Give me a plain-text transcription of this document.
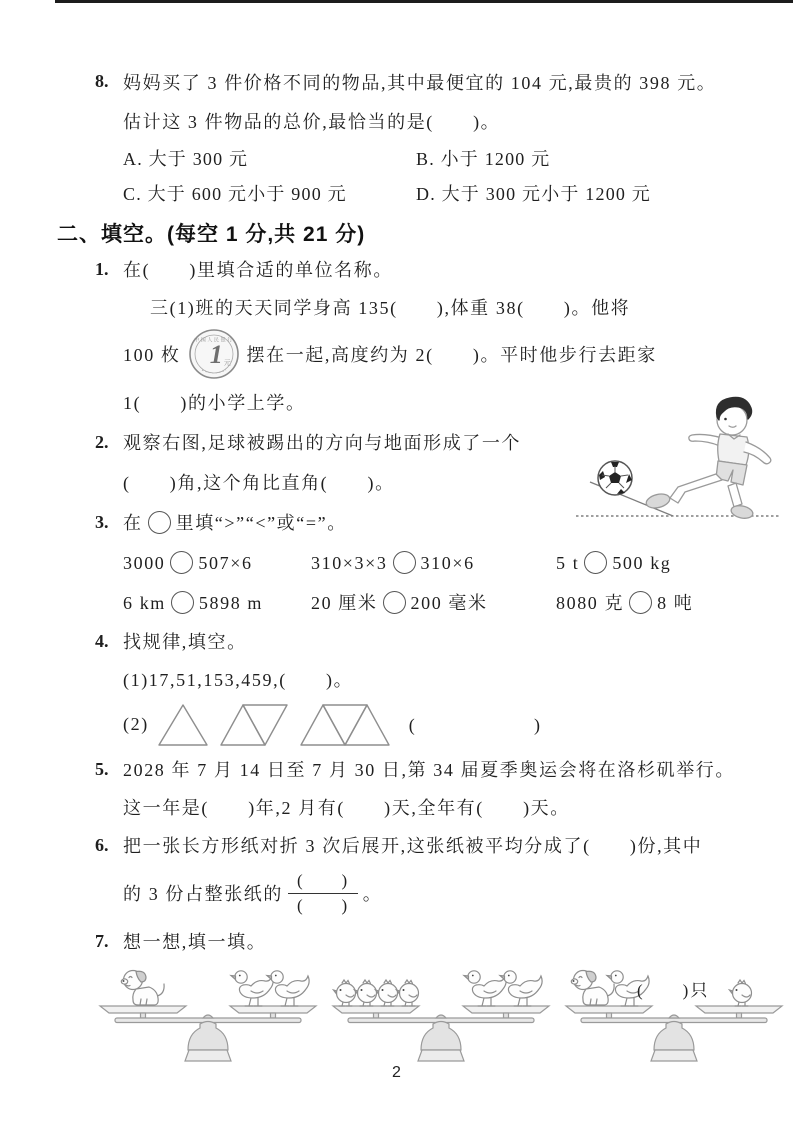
8. 妈妈买了 3 件价格不同的物品,其中最便宜的 104 元,最贵的 398 元。
估计这 3 件物品的总价,最恰当的是(　　)。
A. 大于 300 元	B. 小于 1200 元
C. 大于 600 元小于 900 元	D. 大于 300 元小于 1200 元
二、填空。(每空 1 分,共 21 分)
1. 在(　　)里填合适的单位名称。
三(1)班的天天同学身高 135(　　),体重 38(　　)。他将
100 枚
中国人民银行
1 元 摆在一起,高度约为 2(　　)。平时他步行去距家
1(　　)的小学上学。
2. 观察右图,足球被踢出的方向与地面形成了一个
(　　)角,这个角比直角(　　)。
3. 在 里填“>”“<”或“=”。
3000 507×6	310×3×3 310×6	5 t 500 kg
6 km 5898 m	20 厘米 200 毫米	8080 克 8 吨
4. 找规律,填空。
(1)17,51,153,459,(　　)。
(2)	(　　　　　　)
5. 2028 年 7 月 14 日至 7 月 30 日,第 34 届夏季奥运会将在洛杉矶举行。
这一年是(　　)年,2 月有(　　)天,全年有(　　)天。
6. 把一张长方形纸对折 3 次后展开,这张纸被平均分成了(　　)份,其中
的 3 份占整张纸的 $\frac{( )}{( )}$ 。
7. 想一想,填一填。
(　　)只
2
